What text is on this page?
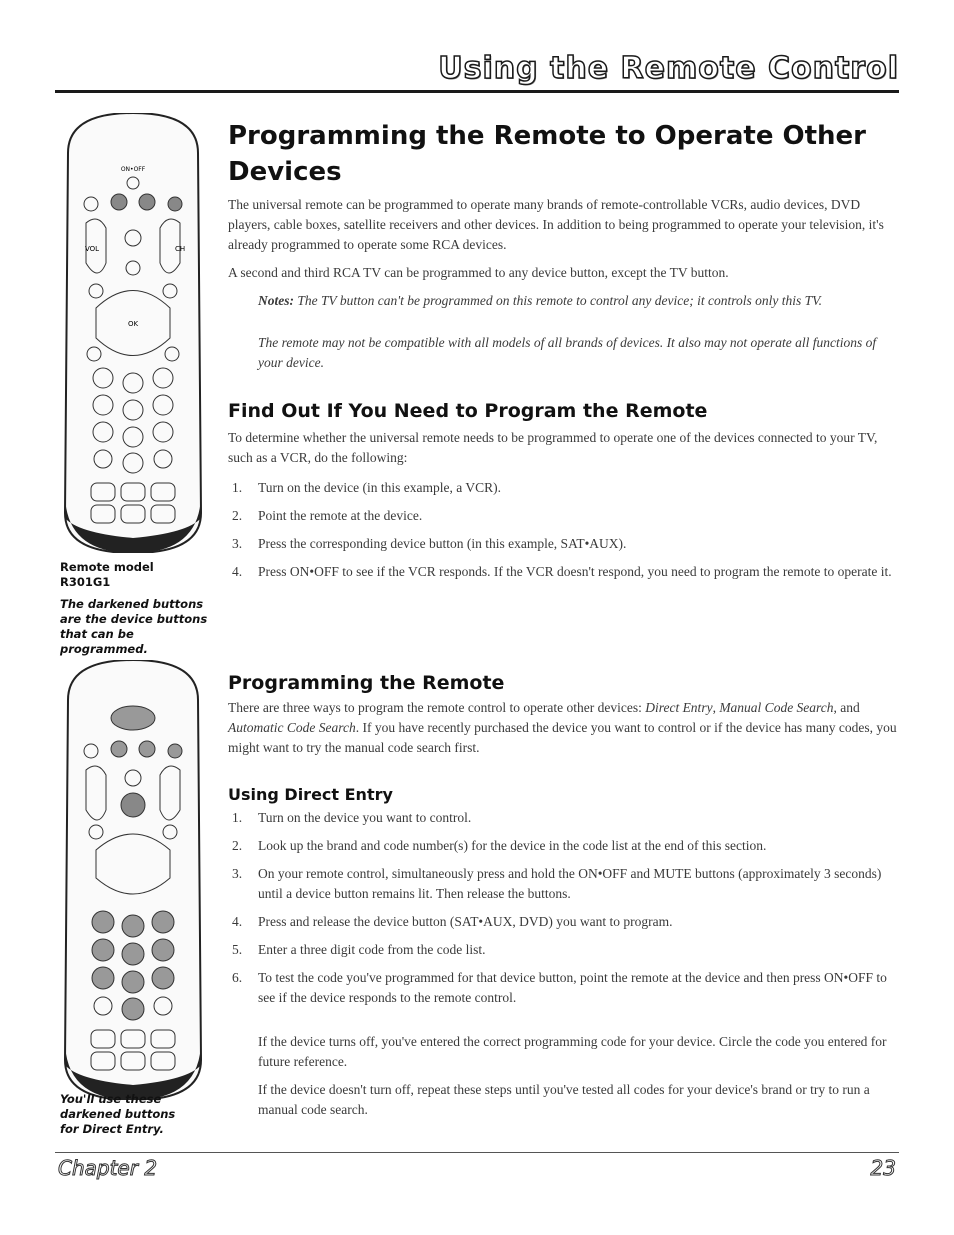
Using the Remote Control
ON•OFF
VOL	CH
OK
Remote model
R301G1
The darkened buttons are the device buttons that can be programmed.
Programming the Remote to Operate Other Devices

The universal remote can be programmed to operate many brands of remote-controllable VCRs, audio devices, DVD players, cable boxes, satellite receivers and other devices. In addition to being programmed to operate your television, it's already programmed to operate some RCA devices.

A second and third RCA TV can be programmed to any device button, except the TV button.

Notes: The TV button can't be programmed on this remote to control any device; it controls only this TV.

The remote may not be compatible with all models of all brands of devices. It also may not operate all functions of your device.

Find Out If You Need to Program the Remote

To determine whether the universal remote needs to be programmed to operate one of the devices connected to your TV, such as a VCR, do the following:

1. Turn on the device (in this example, a VCR).
2. Point the remote at the device.
3. Press the corresponding device button (in this example, SAT•AUX).
4. Press ON•OFF to see if the VCR responds. If the VCR doesn't respond, you need to program the remote to operate it.
You'll use these darkened buttons for Direct Entry.
Programming the Remote

There are three ways to program the remote control to operate other devices: Direct Entry, Manual Code Search, and Automatic Code Search. If you have recently purchased the device you want to control or if the device has many codes, you might want to try the manual code search first.

Using Direct Entry
1. Turn on the device you want to control.
2. Look up the brand and code number(s) for the device in the code list at the end of this section.
3. On your remote control, simultaneously press and hold the ON•OFF and MUTE buttons (approximately 3 seconds) until a device button remains lit. Then release the buttons.
4. Press and release the device button (SAT•AUX, DVD) you want to program.
5. Enter a three digit code from the code list.
6. To test the code you've programmed for that device button, point the remote at the device and then press ON•OFF to see if the device responds to the remote control.

If the device turns off, you've entered the correct programming code for your device. Circle the code you entered for future reference.

If the device doesn't turn off, repeat these steps until you've tested all codes for your device's brand or try to run a manual code search.

Chapter 2	23
